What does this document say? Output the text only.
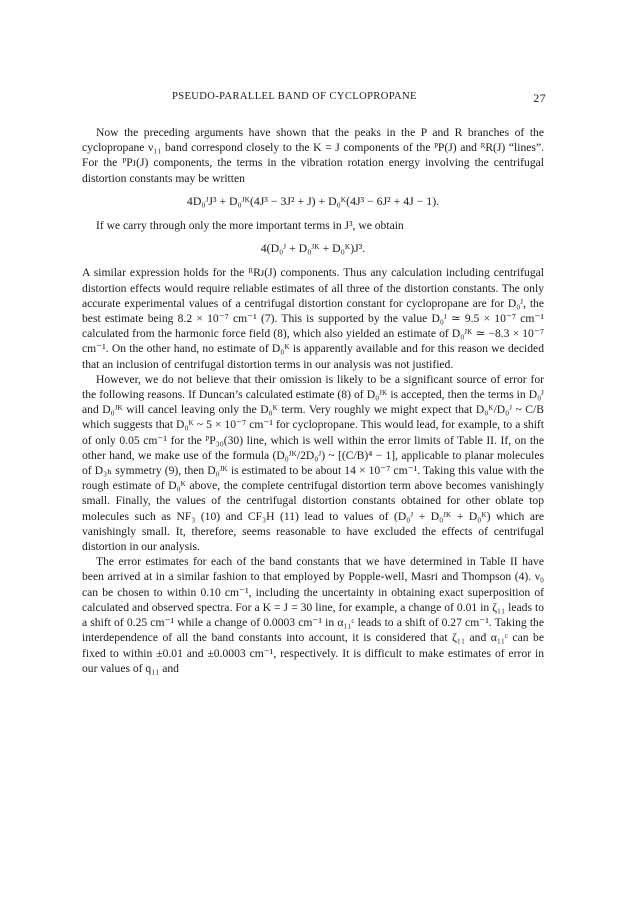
PSEUDO-PARALLEL BAND OF CYCLOPROPANE	27

Now the preceding arguments have shown that the peaks in the P and R branches of the cyclopropane ν₁₁ band correspond closely to the K = J components of the ᴾP(J) and ᴿR(J) “lines”. For the ᴾPᴊ(J) components, the terms in the vibration rotation energy involving the centrifugal distortion constants may be written

4D₀ᴶJ³ + D₀ᴶᴷ(4J³ − 3J² + J) + D₀ᴷ(4J³ − 6J² + 4J − 1).

If we carry through only the more important terms in J³, we obtain

4(D₀ᴶ + D₀ᴶᴷ + D₀ᴷ)J³.

A similar expression holds for the ᴿRᴊ(J) components. Thus any calculation including centrifugal distortion effects would require reliable estimates of all three of the distortion constants. The only accurate experimental values of a centrifugal distortion constant for cyclopropane are for D₀ᴶ, the best estimate being 8.2 × 10⁻⁷ cm⁻¹ (7). This is supported by the value D₀ᴶ ≃ 9.5 × 10⁻⁷ cm⁻¹ calculated from the harmonic force field (8), which also yielded an estimate of D₀ᴶᴷ ≃ −8.3 × 10⁻⁷ cm⁻¹. On the other hand, no estimate of D₀ᴷ is apparently available and for this reason we decided that an inclusion of centrifugal distortion terms in our analysis was not justified.

However, we do not believe that their omission is likely to be a significant source of error for the following reasons. If Duncan’s calculated estimate (8) of D₀ᴶᴷ is accepted, then the terms in D₀ᴶ and D₀ᴶᴷ will cancel leaving only the D₀ᴷ term. Very roughly we might expect that D₀ᴷ/D₀ᴶ ~ C/B which suggests that D₀ᴷ ~ 5 × 10⁻⁷ cm⁻¹ for cyclopropane. This would lead, for example, to a shift of only 0.05 cm⁻¹ for the ᴾP₃₀(30) line, which is well within the error limits of Table II. If, on the other hand, we make use of the formula (D₀ᴶᴷ/2D₀ᴶ) ~ [(C/B)⁴ − 1], applicable to planar molecules of D₃ₕ symmetry (9), then D₀ᴶᴷ is estimated to be about 14 × 10⁻⁷ cm⁻¹. Taking this value with the rough estimate of D₀ᴷ above, the complete centrifugal distortion term above becomes vanishingly small. Finally, the values of the centrifugal distortion constants obtained for other oblate top molecules such as NF₃ (10) and CF₃H (11) lead to values of (D₀ᴶ + D₀ᴶᴷ + D₀ᴷ) which are vanishingly small. It, therefore, seems reasonable to have excluded the effects of centrifugal distortion in our analysis.

The error estimates for each of the band constants that we have determined in Table II have been arrived at in a similar fashion to that employed by Popple-well, Masri and Thompson (4). ν₀ can be chosen to within 0.10 cm⁻¹, including the uncertainty in obtaining exact superposition of calculated and observed spectra. For a K = J = 30 line, for example, a change of 0.01 in ζ₁₁ leads to a shift of 0.25 cm⁻¹ while a change of 0.0003 cm⁻¹ in α₁₁ᶜ leads to a shift of 0.27 cm⁻¹. Taking the interdependence of all the band constants into account, it is considered that ζ₁₁ and α₁₁ᶜ can be fixed to within ±0.01 and ±0.0003 cm⁻¹, respectively. It is difficult to make estimates of error in our values of q₁₁ and
